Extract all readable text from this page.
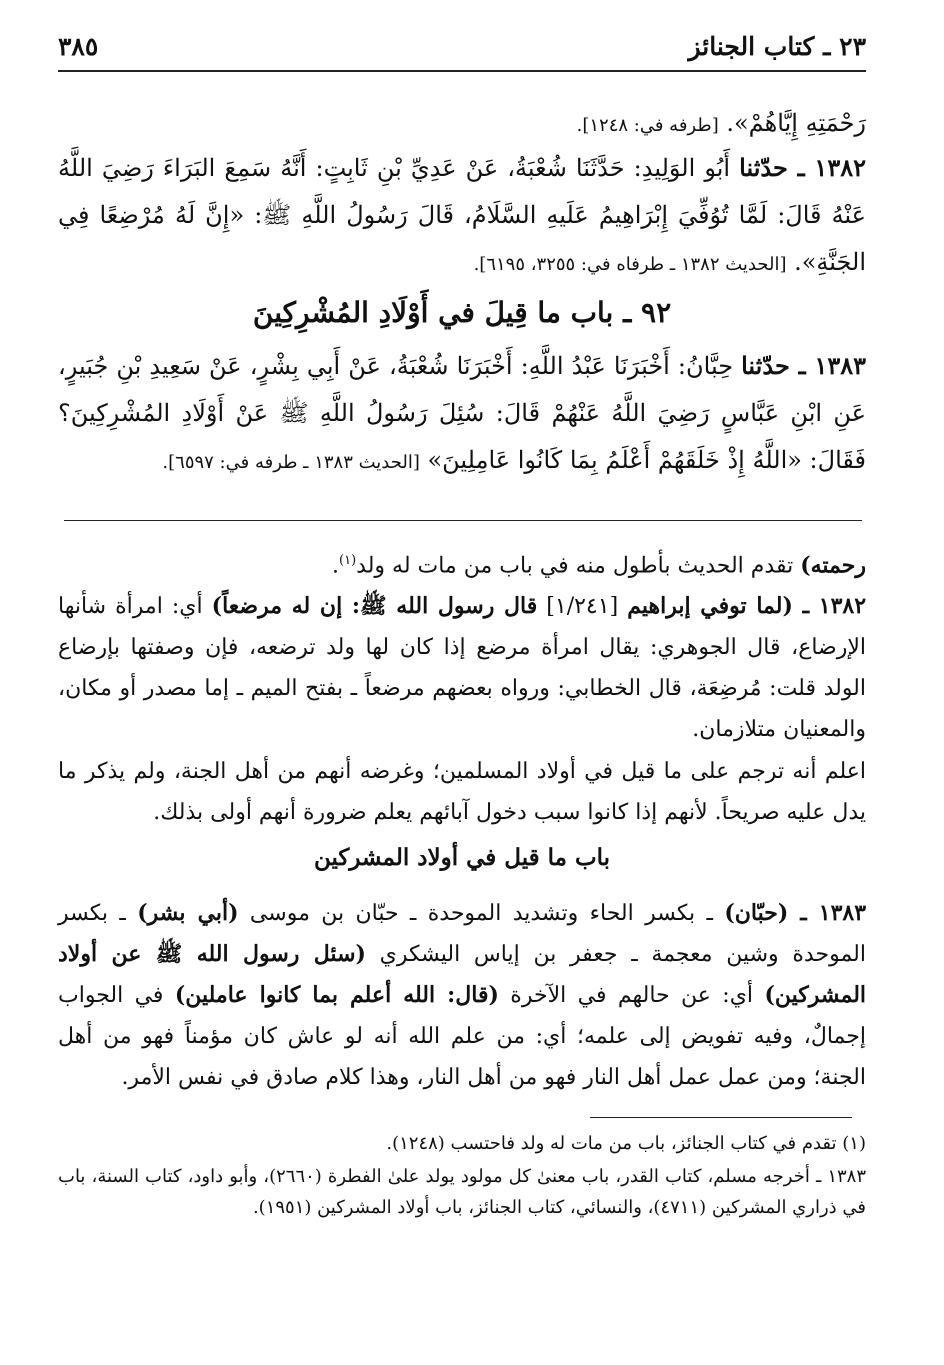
٢٣ ـ كتاب الجنائز
٣٨٥
رَحْمَتِهِ إِيَّاهُمْ». [طرفه في: ١٢٤٨].
١٣٨٢ ـ حدّثنا أَبُو الوَلِيدِ: حَدَّثَنَا شُعْبَةُ، عَنْ عَدِيِّ بْنِ ثَابِتٍ: أَنَّهُ سَمِعَ البَرَاءَ رَضِيَ اللَّهُ عَنْهُ قَالَ: لَمَّا تُوُفِّيَ إِبْرَاهِيمُ عَلَيهِ السَّلَامُ، قَالَ رَسُولُ اللَّهِ ﷺ: «إِنَّ لَهُ مُرْضِعًا فِي الجَنَّةِ». [الحديث ١٣٨٢ ـ طرفاه في: ٣٢٥٥، ٦١٩٥].
٩٢ ـ باب ما قِيلَ في أَوْلَادِ المُشْرِكِينَ
١٣٨٣ ـ حدّثنا حِبَّانُ: أَخْبَرَنَا عَبْدُ اللَّهِ: أَخْبَرَنَا شُعْبَةُ، عَنْ أَبِي بِشْرٍ، عَنْ سَعِيدِ بْنِ جُبَيرٍ، عَنِ ابْنِ عَبَّاسٍ رَضِيَ اللَّهُ عَنْهُمْ قَالَ: سُئِلَ رَسُولُ اللَّهِ ﷺ عَنْ أَوْلَادِ المُشْرِكِينَ؟ فَقَالَ: «اللَّهُ إِذْ خَلَقَهُمْ أَعْلَمُ بِمَا كَانُوا عَامِلِينَ» [الحديث ١٣٨٣ ـ طرفه في: ٦٥٩٧].
رحمته) تقدم الحديث بأطول منه في باب من مات له ولد$^{(١)}$.
١٣٨٢ ـ (لما توفي إبراهيم [١/٢٤١] قال رسول الله ﷺ: إن له مرضعاً) أي: امرأة شأنها الإرضاع، قال الجوهري: يقال امرأة مرضع إذا كان لها ولد ترضعه، فإن وصفتها بإرضاع الولد قلت: مُرضِعَة، قال الخطابي: ورواه بعضهم مرضعاً ـ بفتح الميم ـ إما مصدر أو مكان، والمعنيان متلازمان.
اعلم أنه ترجم على ما قيل في أولاد المسلمين؛ وغرضه أنهم من أهل الجنة، ولم يذكر ما يدل عليه صريحاً. لأنهم إذا كانوا سبب دخول آبائهم يعلم ضرورة أنهم أولى بذلك.
باب ما قيل في أولاد المشركين
١٣٨٣ ـ (حبّان) ـ بكسر الحاء وتشديد الموحدة ـ حبّان بن موسى (أبي بشر) ـ بكسر الموحدة وشين معجمة ـ جعفر بن إياس اليشكري (سئل رسول الله ﷺ عن أولاد المشركين) أي: عن حالهم في الآخرة (قال: الله أعلم بما كانوا عاملين) في الجواب إجمالٌ، وفيه تفويض إلى علمه؛ أي: من علم الله أنه لو عاش كان مؤمناً فهو من أهل الجنة؛ ومن عمل عمل أهل النار فهو من أهل النار، وهذا كلام صادق في نفس الأمر.
(١) تقدم في كتاب الجنائز، باب من مات له ولد فاحتسب (١٢٤٨).
١٣٨٣ ـ أخرجه مسلم، كتاب القدر، باب معنىٰ كل مولود يولد علىٰ الفطرة (٢٦٦٠)، وأبو داود، كتاب السنة، باب في ذراري المشركين (٤٧١١)، والنسائي، كتاب الجنائز، باب أولاد المشركين (١٩٥١).
